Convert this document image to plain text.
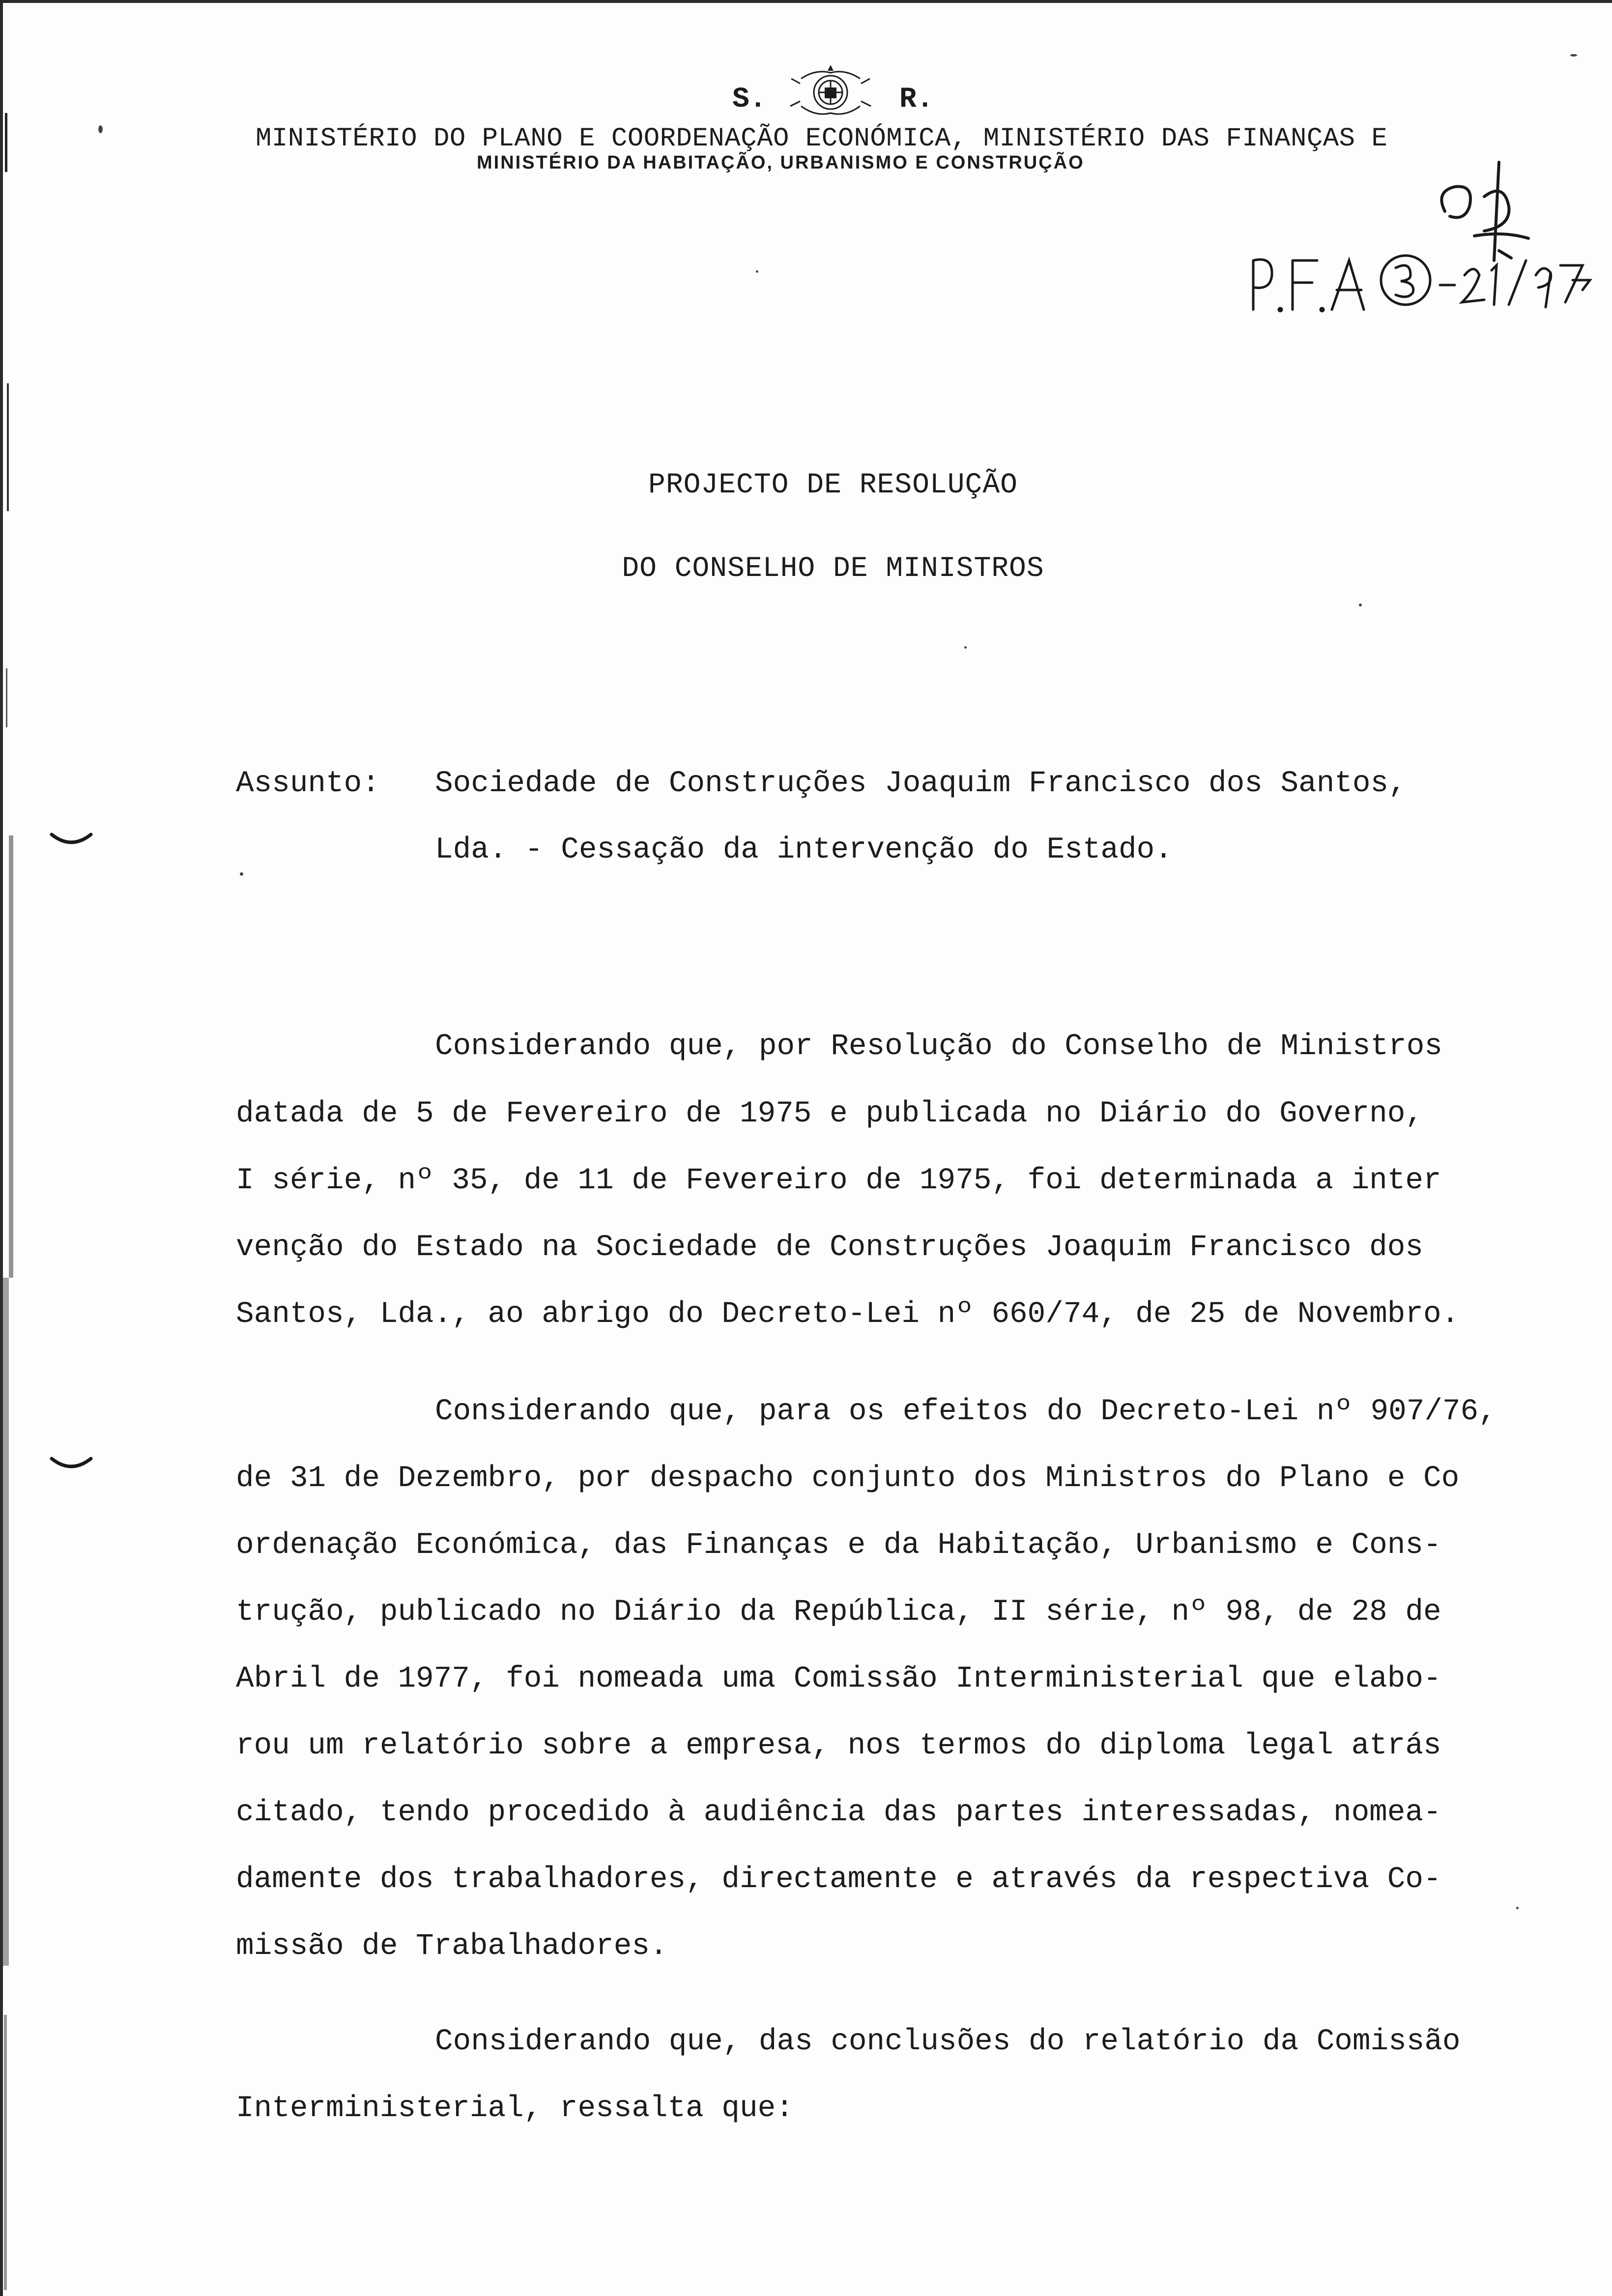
S.	R.
MINISTÉRIO DO PLANO E COORDENAÇÃO ECONÓMICA, MINISTÉRIO DAS FINANÇAS E
MINISTÉRIO DA HABITAÇÃO, URBANISMO E CONSTRUÇÃO
PROJECTO DE RESOLUÇÃO
DO CONSELHO DE MINISTROS
Assunto: Sociedade de Construções Joaquim Francisco dos Santos,
Lda. - Cessação da intervenção do Estado.
Considerando que, por Resolução do Conselho de Ministros
datada de 5 de Fevereiro de 1975 e publicada no Diário do Governo,
I série, nº 35, de 11 de Fevereiro de 1975, foi determinada a inter
venção do Estado na Sociedade de Construções Joaquim Francisco dos
Santos, Lda., ao abrigo do Decreto-Lei nº 660/74, de 25 de Novembro.
Considerando que, para os efeitos do Decreto-Lei nº 907/76,
de 31 de Dezembro, por despacho conjunto dos Ministros do Plano e Co
ordenação Económica, das Finanças e da Habitação, Urbanismo e Cons-
trução, publicado no Diário da República, II série, nº 98, de 28 de
Abril de 1977, foi nomeada uma Comissão Interministerial que elabo-
rou um relatório sobre a empresa, nos termos do diploma legal atrás
citado, tendo procedido à audiência das partes interessadas, nomea-
damente dos trabalhadores, directamente e através da respectiva Co-
missão de Trabalhadores.
Considerando que, das conclusões do relatório da Comissão
Interministerial, ressalta que:
